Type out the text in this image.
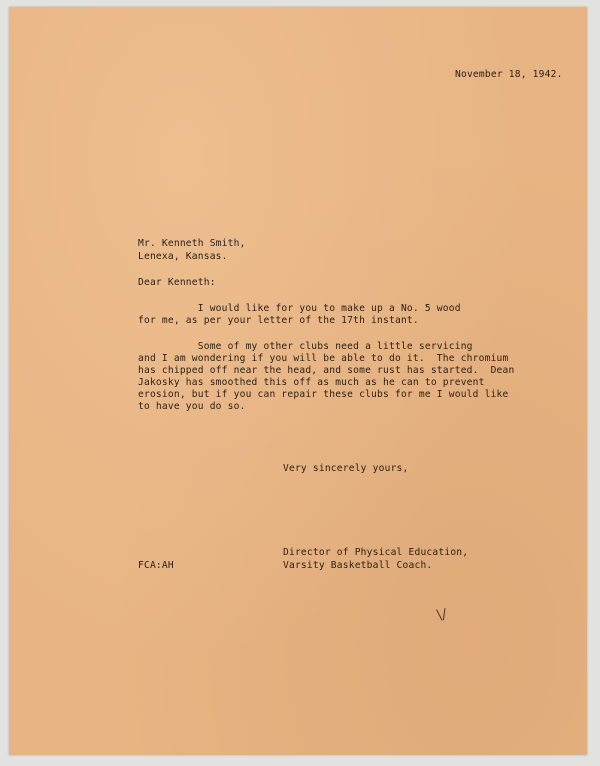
November 18, 1942.
Mr. Kenneth Smith,
Lenexa, Kansas.
Dear Kenneth:
I would like for you to make up a No. 5 wood
for me, as per your letter of the 17th instant.
Some of my other clubs need a little servicing
and I am wondering if you will be able to do it.  The chromium
has chipped off near the head, and some rust has started.  Dean
Jakosky has smoothed this off as much as he can to prevent
erosion, but if you can repair these clubs for me I would like
to have you do so.
Very sincerely yours,
Director of Physical Education,
Varsity Basketball Coach.
FCA:AH
\/
